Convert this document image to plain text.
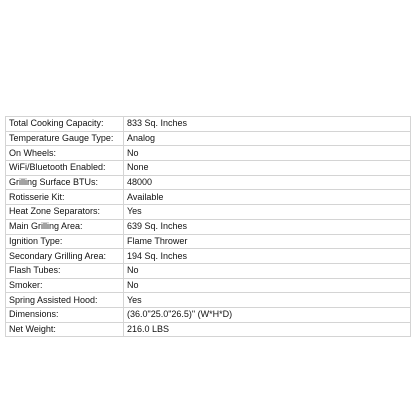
Total Cooking Capacity:	833 Sq. Inches
Temperature Gauge Type:	Analog
On Wheels:	No
WiFi/Bluetooth Enabled:	None
Grilling Surface BTUs:	48000
Rotisserie Kit:	Available
Heat Zone Separators:	Yes
Main Grilling Area:	639 Sq. Inches
Ignition Type:	Flame Thrower
Secondary Grilling Area:	194 Sq. Inches
Flash Tubes:	No
Smoker:	No
Spring Assisted Hood:	Yes
Dimensions:	(36.0"25.0"26.5)" (W*H*D)
Net Weight:	216.0 LBS
